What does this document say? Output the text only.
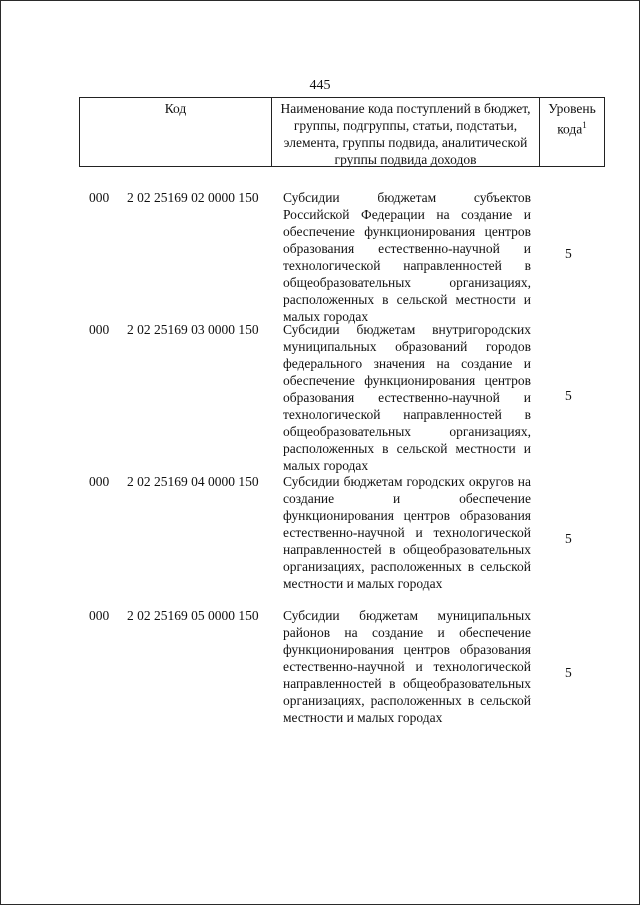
445
Код	Наименование кода поступлений в бюджет, группы, подгруппы, статьи, подстатьи, элемента, группы подвида, аналитической группы подвида доходов
Уровень кода$^1$
000 2 02 25169 02 0000 150 Субсидии бюджетам субъектов Российской Федерации на создание и обеспечение функционирования центров образования естественно-научной и технологической направленностей в общеобразовательных организациях, расположенных в сельской местности и малых городах
5
000 2 02 25169 03 0000 150 Субсидии бюджетам внутригородских муниципальных образований городов федерального значения на создание и обеспечение функционирования центров образования естественно-научной и технологической направленностей в общеобразовательных организациях, расположенных в сельской местности и малых городах
5
000 2 02 25169 04 0000 150 Субсидии бюджетам городских округов на создание и обеспечение функционирования центров образования естественно-научной и технологической направленностей в общеобразовательных организациях, расположенных в сельской местности и малых городах
5
000 2 02 25169 05 0000 150 Субсидии бюджетам муниципальных районов на создание и обеспечение функционирования центров образования естественно-научной и технологической направленностей в общеобразовательных организациях, расположенных в сельской местности и малых городах
5
